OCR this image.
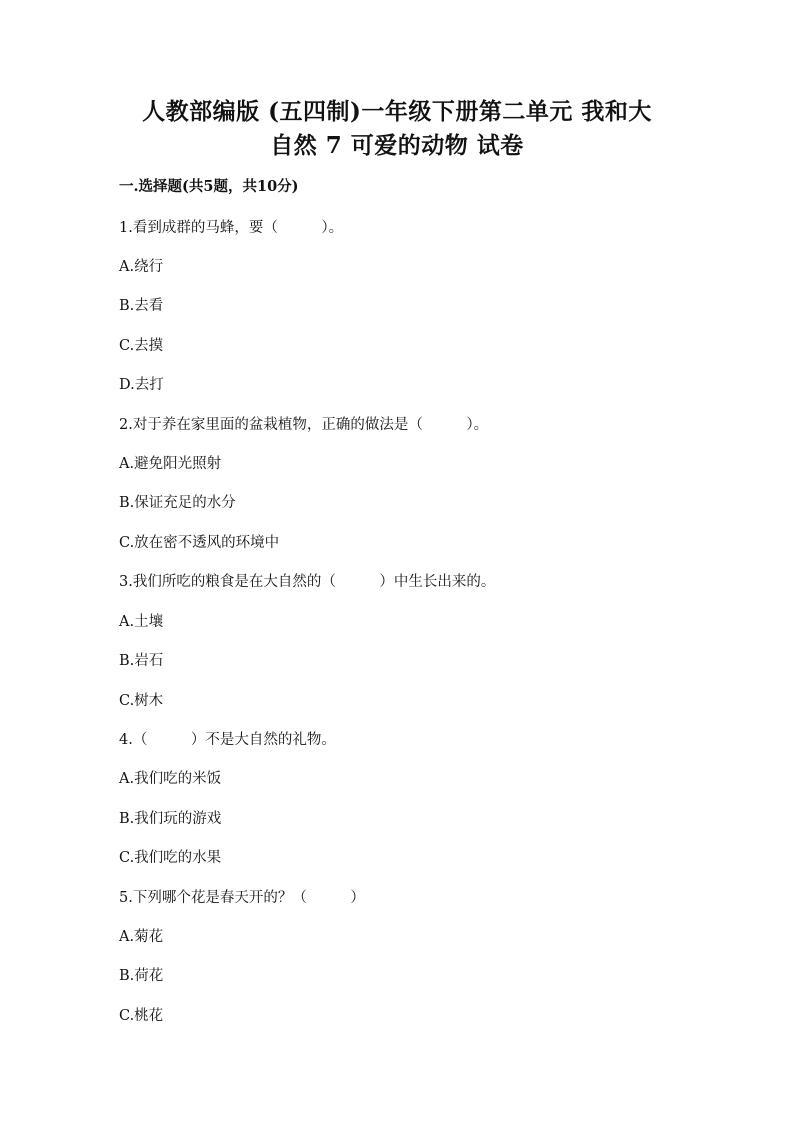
人教部编版 (五四制)一年级下册第二单元 我和大
自然 7 可爱的动物 试卷
一.选择题(共5题，共10分)
1.看到成群的马蜂，要（　　　）。
A.绕行
B.去看
C.去摸
D.去打
2.对于养在家里面的盆栽植物，正确的做法是（　　　）。
A.避免阳光照射
B.保证充足的水分
C.放在密不透风的环境中
3.我们所吃的粮食是在大自然的（　　　）中生长出来的。
A.土壤
B.岩石
C.树木
4.（　　　）不是大自然的礼物。
A.我们吃的米饭
B.我们玩的游戏
C.我们吃的水果
5.下列哪个花是春天开的？（　　　）
A.菊花
B.荷花
C.桃花
